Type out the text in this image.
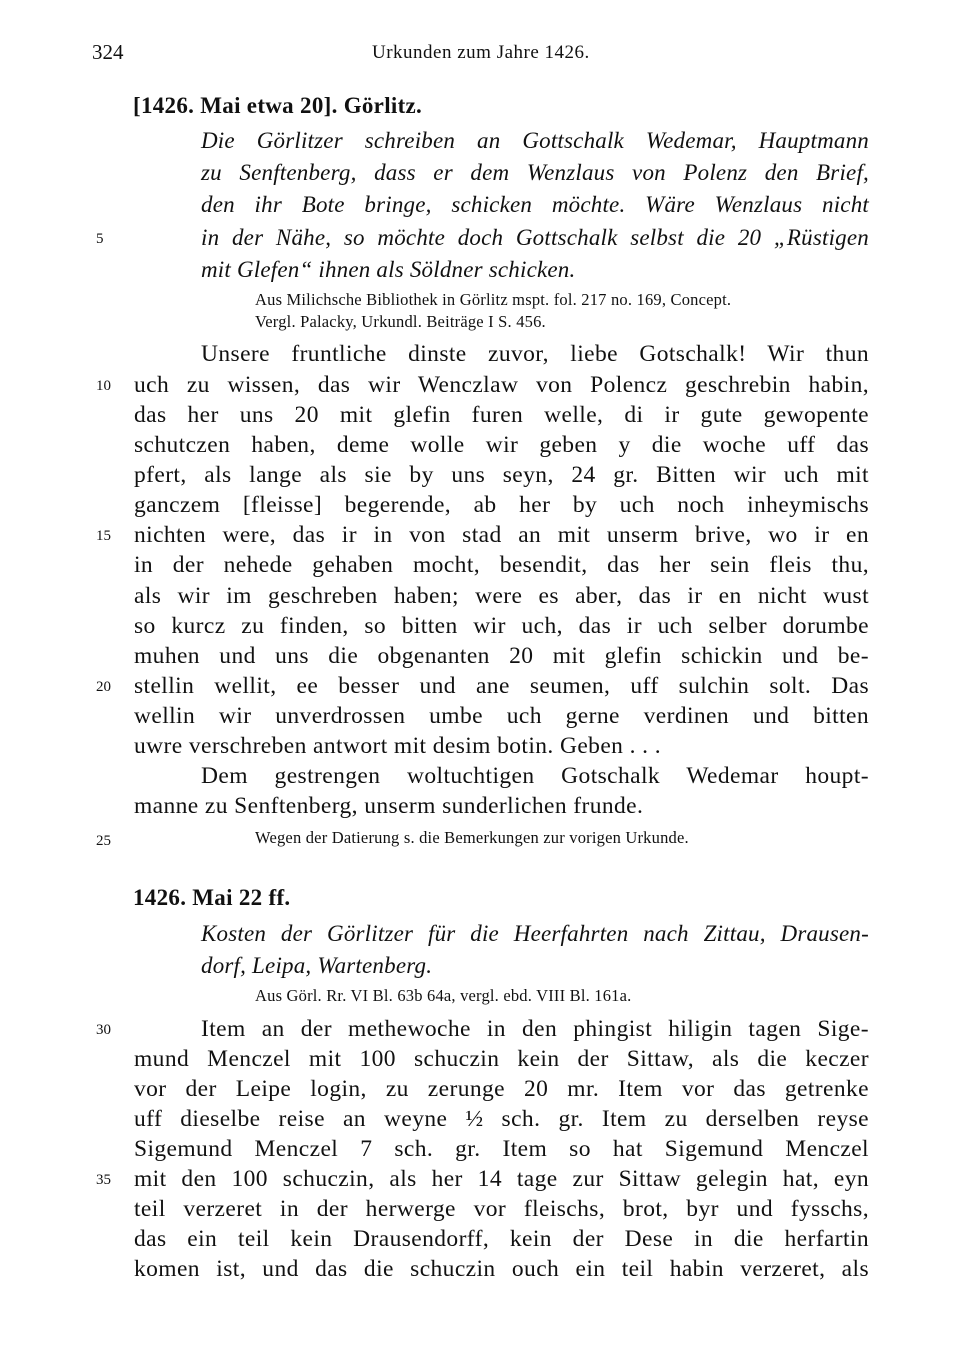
324	Urkunden zum Jahre 1426.
[1426. Mai etwa 20]. Görlitz.
Die Görlitzer schreiben an Gottschalk Wedemar, Hauptmann
zu Senftenberg, dass er dem Wenzlaus von Polenz den Brief,
den ihr Bote bringe, schicken möchte. Wäre Wenzlaus nicht
in der Nähe, so möchte doch Gottschalk selbst die 20 „Rüstigen
mit Glefen“ ihnen als Söldner schicken.
Aus Milichsche Bibliothek in Görlitz mspt. fol. 217 no. 169, Concept.
Vergl. Palacky, Urkundl. Beiträge I S. 456.
Unsere fruntliche dinste zuvor, liebe Gotschalk! Wir thun
uch zu wissen, das wir Wenczlaw von Polencz geschrebin habin,
das her uns 20 mit glefin furen welle, di ir gute gewopente
schutczen haben, deme wolle wir geben y die woche uff das
pfert, als lange als sie by uns seyn, 24 gr. Bitten wir uch mit
ganczem [fleisse] begerende, ab her by uch noch inheymischs
nichten were, das ir in von stad an mit unserm brive, wo ir en
in der nehede gehaben mocht, besendit, das her sein fleis thu,
als wir im geschreben haben; were es aber, das ir en nicht wust
so kurcz zu finden, so bitten wir uch, das ir uch selber dorumbe
muhen und uns die obgenanten 20 mit glefin schickin und be-
stellin wellit, ee besser und ane seumen, uff sulchin solt. Das
wellin wir unverdrossen umbe uch gerne verdinen und bitten
uwre verschreben antwort mit desim botin. Geben . . .
Dem gestrengen woltuchtigen Gotschalk Wedemar houpt-
manne zu Senftenberg, unserm sunderlichen frunde.
Wegen der Datierung s. die Bemerkungen zur vorigen Urkunde.
1426. Mai 22 ff.
Kosten der Görlitzer für die Heerfahrten nach Zittau, Drausen-
dorf, Leipa, Wartenberg.
Aus Görl. Rr. VI Bl. 63b 64a, vergl. ebd. VIII Bl. 161a.
Item an der methewoche in den phingist hiligin tagen Sige-
mund Menczel mit 100 schuczin kein der Sittaw, als die keczer
vor der Leipe login, zu zerunge 20 mr. Item vor das getrenke
uff dieselbe reise an weyne ½ sch. gr. Item zu derselben reyse
Sigemund Menczel 7 sch. gr. Item so hat Sigemund Menczel
mit den 100 schuczin, als her 14 tage zur Sittaw gelegin hat, eyn
teil verzeret in der herwerge vor fleischs, brot, byr und fysschs,
das ein teil kein Drausendorff, kein der Dese in die herfartin
komen ist, und das die schuczin ouch ein teil habin verzeret, als
5
10
15
20
25
30
35
